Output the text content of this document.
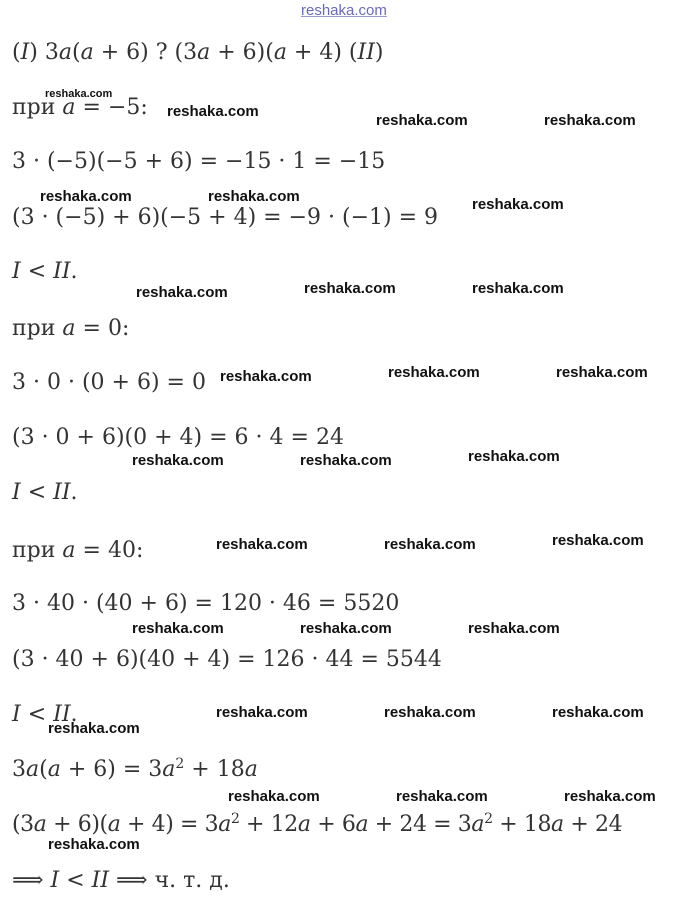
reshaka.com
(I) 3a(a + 6) ? (3a + 6)(a + 4) (II)
при a = −5:
3 · (−5)(−5 + 6) = −15 · 1 = −15
(3 · (−5) + 6)(−5 + 4) = −9 · (−1) = 9
I < II.
при a = 0:
3 · 0 · (0 + 6) = 0
(3 · 0 + 6)(0 + 4) = 6 · 4 = 24
I < II.
при a = 40:
3 · 40 · (40 + 6) = 120 · 46 = 5520
(3 · 40 + 6)(40 + 4) = 126 · 44 = 5544
I < II.
$3a(a + 6) = 3a^2 + 18a$
$(3a + 6)(a + 4) = 3a^2 + 12a + 6a + 24 = 3a^2 + 18a + 24$
⟹ I < II ⟹ ч. т. д.
reshaka.com
reshaka.com
reshaka.com	reshaka.com
reshaka.com	reshaka.com	reshaka.com
reshaka.com	reshaka.com	reshaka.com
reshaka.com	reshaka.com	reshaka.com
reshaka.com	reshaka.com	reshaka.com
reshaka.com	reshaka.com	reshaka.com
reshaka.com	reshaka.com	reshaka.com
reshaka.com
reshaka.com	reshaka.com	reshaka.com
reshaka.com	reshaka.com	reshaka.com
reshaka.com
